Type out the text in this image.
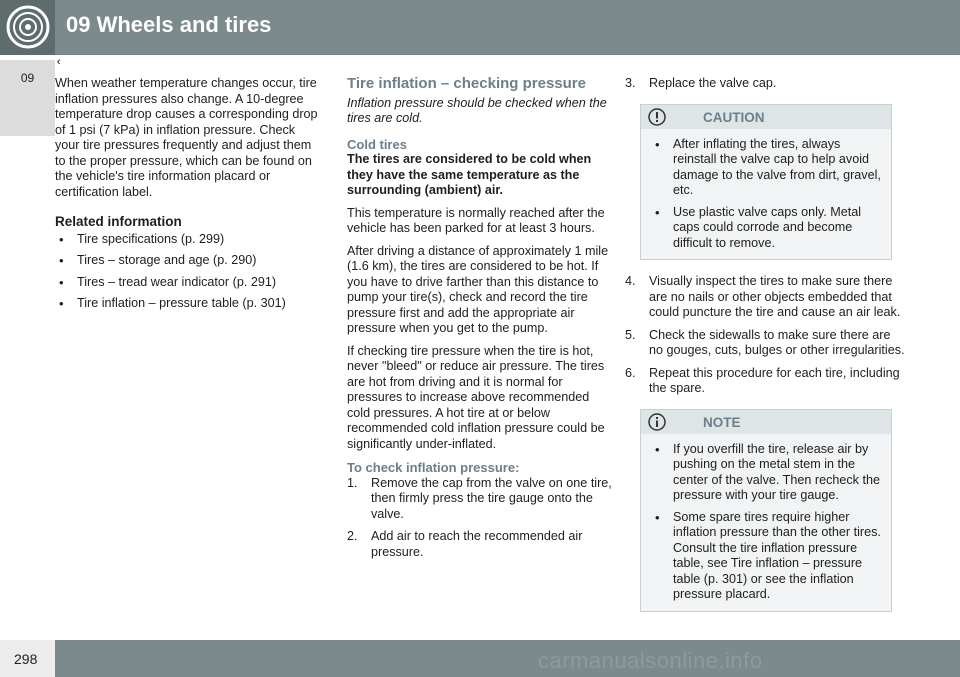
09 Wheels and tires
09	When weather temperature changes occur, tire inflation pressures also change. A 10-degree temperature drop causes a corresponding drop of 1 psi (7 kPa) in inflation pressure. Check your tire pressures frequently and adjust them to the proper pressure, which can be found on the vehicle's tire information placard or certification label.

Related information
• Tire specifications (p. 299)
• Tires – storage and age (p. 290)
• Tires – tread wear indicator (p. 291)
• Tire inflation – pressure table (p. 301)
Tire inflation – checking pressure

Inflation pressure should be checked when the tires are cold.

Cold tires

The tires are considered to be cold when they have the same temperature as the surrounding (ambient) air.

This temperature is normally reached after the vehicle has been parked for at least 3 hours.

After driving a distance of approximately 1 mile (1.6 km), the tires are considered to be hot. If you have to drive farther than this distance to pump your tire(s), check and record the tire pressure first and add the appropriate air pressure when you get to the pump.

If checking tire pressure when the tire is hot, never "bleed" or reduce air pressure. The tires are hot from driving and it is normal for pressures to increase above recommended cold pressures. A hot tire at or below recommended cold inflation pressure could be significantly under-inflated.

To check inflation pressure:
1. Remove the cap from the valve on one tire, then firmly press the tire gauge onto the valve.
2. Add air to reach the recommended air pressure.
3. Replace the valve cap.
CAUTION
• After inflating the tires, always reinstall the valve cap to help avoid damage to the valve from dirt, gravel, etc.
• Use plastic valve caps only. Metal caps could corrode and become difficult to remove.
4. Visually inspect the tires to make sure there are no nails or other objects embedded that could puncture the tire and cause an air leak.
5. Check the sidewalls to make sure there are no gouges, cuts, bulges or other irregularities.
6. Repeat this procedure for each tire, including the spare.
NOTE
• If you overfill the tire, release air by pushing on the metal stem in the center of the valve. Then recheck the pressure with your tire gauge.
• Some spare tires require higher inflation pressure than the other tires. Consult the tire inflation pressure table, see Tire inflation – pressure table (p. 301) or see the inflation pressure placard.
298	carmanualsonline.info
